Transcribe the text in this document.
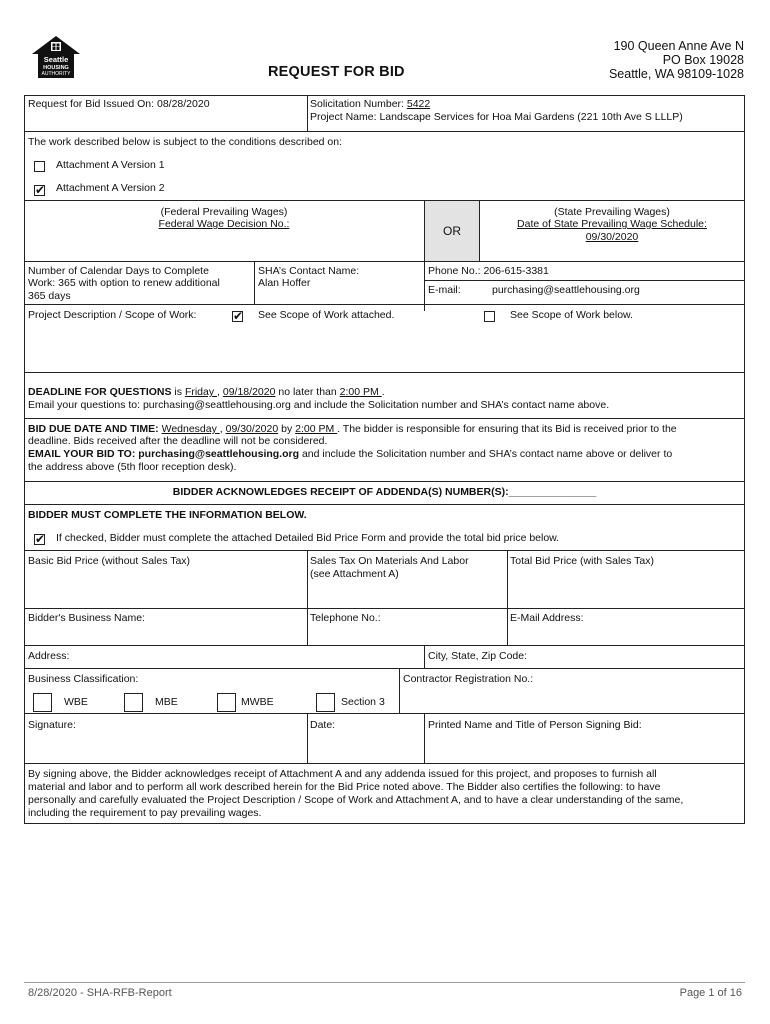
Seattle
HOUSING
AUTHORITY	REQUEST FOR BID
190 Queen Anne Ave N
PO Box 19028
Seattle, WA 98109-1028
Request for Bid Issued On: 08/28/2020	Solicitation Number: 5422
Project Name: Landscape Services for Hoa Mai Gardens (221 10th Ave S LLLP)
The work described below is subject to the conditions described on:
Attachment A Version 1
✔
Attachment A Version 2
(Federal Prevailing Wages)
Federal Wage Decision No.:	OR
(State Prevailing Wages)
Date of State Prevailing Wage Schedule:
09/30/2020
Number of Calendar Days to Complete
Work: 365 with option to renew additional
365 days
SHA’s Contact Name:
Alan Hoffer
Phone No.: 206-615-3381
E-mail:	purchasing@seattlehousing.org
Project Description / Scope of Work:
✔	See Scope of Work attached.	See Scope of Work below.
DEADLINE FOR QUESTIONS is Friday , 09/18/2020 no later than 2:00 PM .
Email your questions to: purchasing@seattlehousing.org and include the Solicitation number and SHA’s contact name above.
BID DUE DATE AND TIME: Wednesday , 09/30/2020 by 2:00 PM . The bidder is responsible for ensuring that its Bid is received prior to the
deadline. Bids received after the deadline will not be considered.
EMAIL YOUR BID TO: purchasing@seattlehousing.org and include the Solicitation number and SHA’s contact name above or deliver to
the address above (5th floor reception desk).
BIDDER ACKNOWLEDGES RECEIPT OF ADDENDA(S) NUMBER(S):_______________
BIDDER MUST COMPLETE THE INFORMATION BELOW.
✔
If checked, Bidder must complete the attached Detailed Bid Price Form and provide the total bid price below.
Basic Bid Price (without Sales Tax)	Sales Tax On Materials And Labor
(see Attachment A)
Total Bid Price (with Sales Tax)
Bidder's Business Name:	Telephone No.:	E-Mail Address:
Address:	City, State, Zip Code:
Business Classification:	Contractor Registration No.:
WBE	MBE	MWBE	Section 3
Signature:	Date:	Printed Name and Title of Person Signing Bid:
By signing above, the Bidder acknowledges receipt of Attachment A and any addenda issued for this project, and proposes to furnish all
material and labor and to perform all work described herein for the Bid Price noted above. The Bidder also certifies the following: to have
personally and carefully evaluated the Project Description / Scope of Work and Attachment A, and to have a clear understanding of the same,
including the requirement to pay prevailing wages.
8/28/2020 - SHA-RFB-Report	Page 1 of 16
